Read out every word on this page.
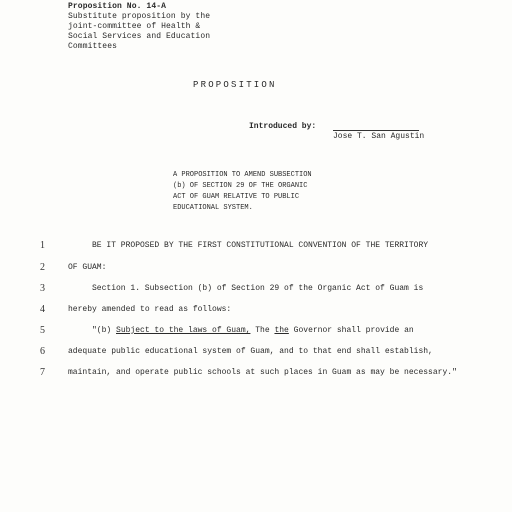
Proposition No. 14-A
Substitute proposition by the
joint-committee of Health &
Social Services and Education
Committees
PROPOSITION
Introduced by:
Jose T. San Agustin
A PROPOSITION TO AMEND SUBSECTION
(b) OF SECTION 29 OF THE ORGANIC
ACT OF GUAM RELATIVE TO PUBLIC
EDUCATIONAL SYSTEM.
1	BE IT PROPOSED BY THE FIRST CONSTITUTIONAL CONVENTION OF THE TERRITORY
2	OF GUAM:
3	Section 1. Subsection (b) of Section 29 of the Organic Act of Guam is
4	hereby amended to read as follows:
5	"(b) Subject to the laws of Guam, The the Governor shall provide an
6	adequate public educational system of Guam, and to that end shall establish,
7	maintain, and operate public schools at such places in Guam as may be necessary."
